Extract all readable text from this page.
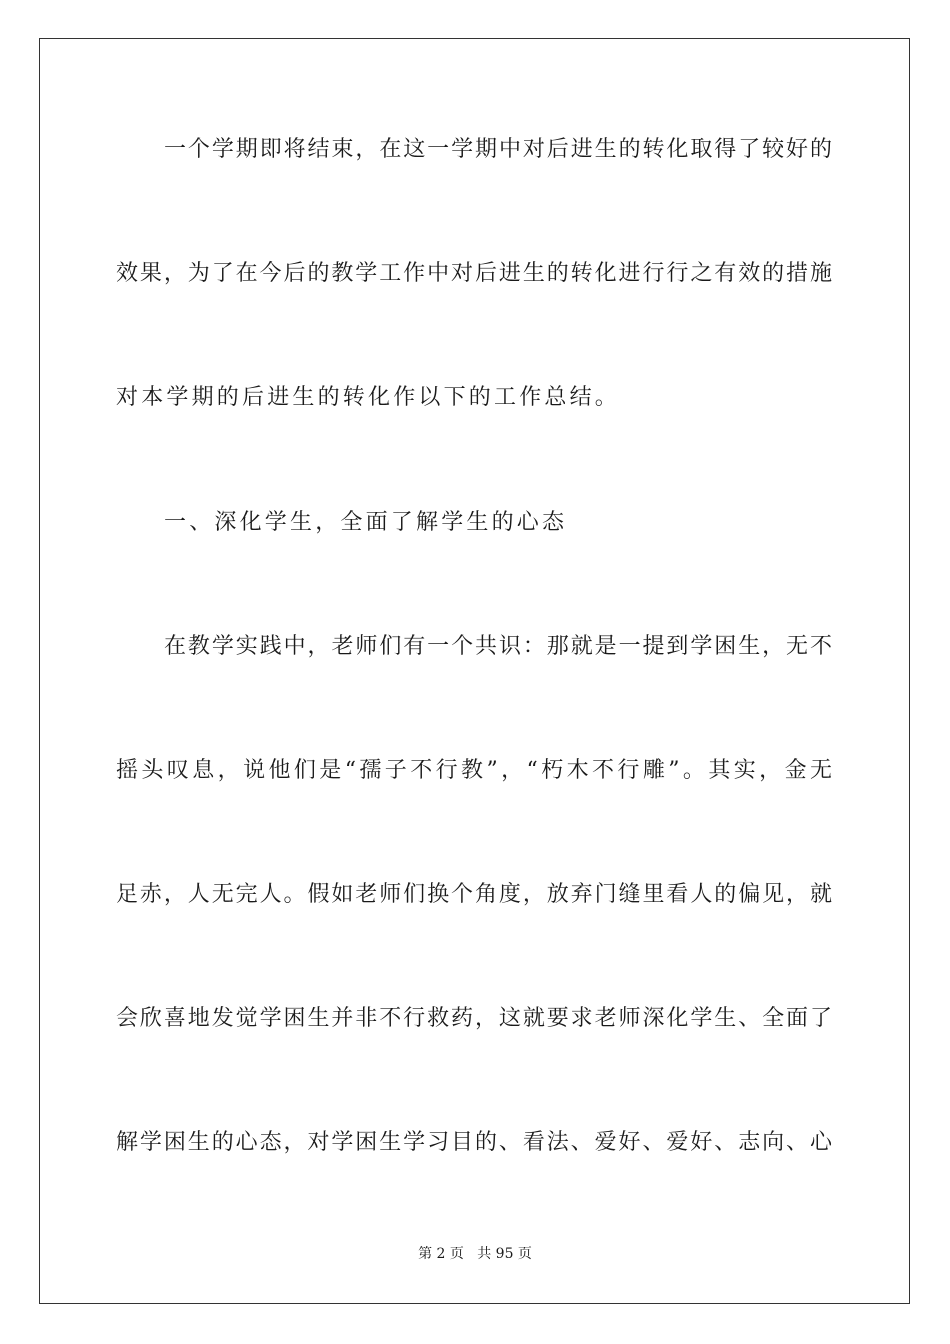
一个学期即将结束，在这一学期中对后进生的转化取得了较好的
效果，为了在今后的教学工作中对后进生的转化进行行之有效的措施
对本学期的后进生的转化作以下的工作总结。
一、深化学生，全面了解学生的心态
在教学实践中，老师们有一个共识：那就是一提到学困生，无不
摇头叹息，说他们是“孺子不行教”，“朽木不行雕”。其实，金无
足赤，人无完人。假如老师们换个角度，放弃门缝里看人的偏见，就
会欣喜地发觉学困生并非不行救药，这就要求老师深化学生、全面了
解学困生的心态，对学困生学习目的、看法、爱好、爱好、志向、心
第 2 页   共 95 页
